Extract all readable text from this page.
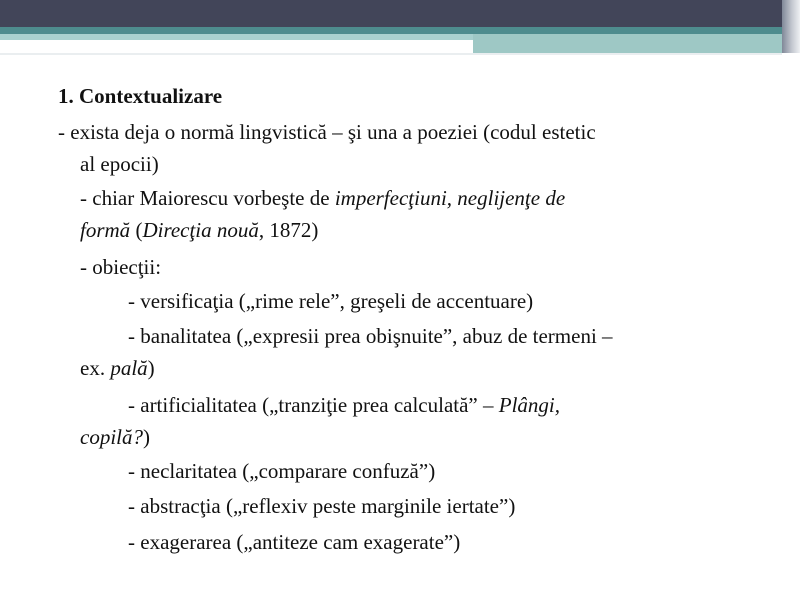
1. Contextualizare
- exista deja o normă lingvistică – şi una a poeziei (codul estetic
al epocii)
- chiar Maiorescu vorbeşte de imperfecţiuni, neglijenţe de
formă (Direcţia nouă, 1872)
- obiecţii:
- versificaţia („rime rele”, greşeli de accentuare)
- banalitatea („expresii prea obişnuite”, abuz de termeni –
ex. pală)
- artificialitatea („tranziţie prea calculată” – Plângi,
copilă?)
- neclaritatea („comparare confuză”)
- abstracţia („reflexiv peste marginile iertate”)
- exagerarea („antiteze cam exagerate”)
